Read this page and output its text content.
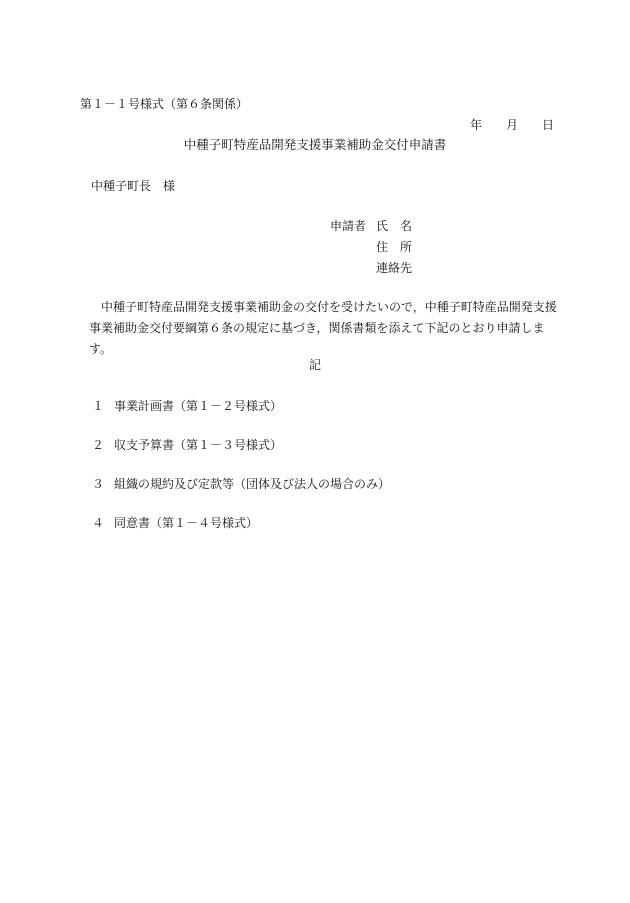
第１－１号様式（第６条関係）
年 月 日
中種子町特産品開発支援事業補助金交付申請書
中種子町長 様
申請者 氏　名
住　所
連絡先
中種子町特産品開発支援事業補助金の交付を受けたいので，中種子町特産品開発支援事業補助金交付要綱第６条の規定に基づき，関係書類を添えて下記のとおり申請します。
記
１ 事業計画書（第１－２号様式）
２ 収支予算書（第１－３号様式）
３ 組織の規約及び定款等（団体及び法人の場合のみ）
４ 同意書（第１－４号様式）
